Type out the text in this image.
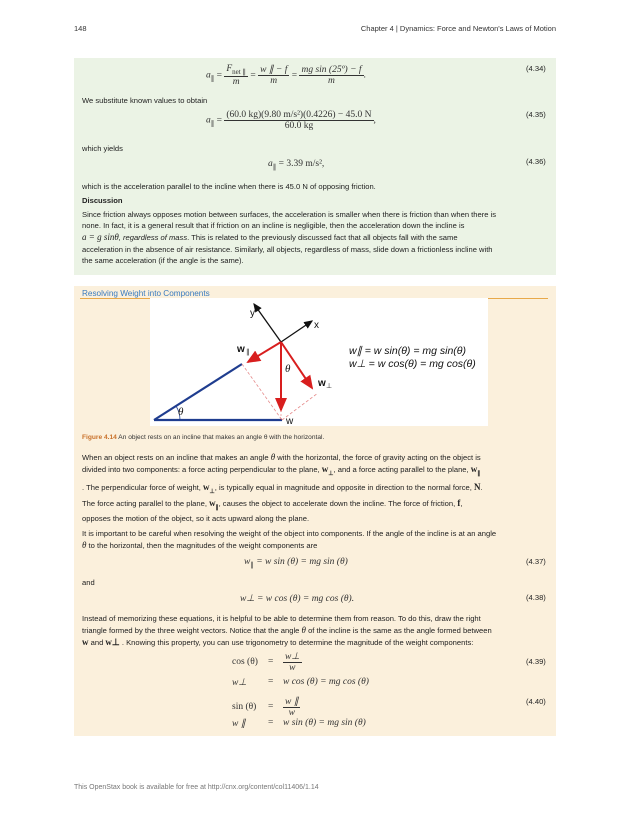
148	Chapter 4 | Dynamics: Force and Newton's Laws of Motion
$a_\parallel = \frac{F_{net \parallel}}{m} = \frac{w \parallel - f}{m} = \frac{\text{mg sin (25º) − f}}{m}$ .
(4.34)
We substitute known values to obtain
$a_\parallel = \frac{\text{(60.0 kg)(9.80 m/s²)(0.4226) − 45.0 N}}{60.0 kg}$ ,
(4.35)
which yields
$a_\parallel = 3.39$ m/s²,	(4.36)
which is the acceleration parallel to the incline when there is 45.0 N of opposing friction.
Discussion
Since friction always opposes motion between surfaces, the acceleration is smaller when there is friction than when there is
none. In fact, it is a general result that if friction on an incline is negligible, then the acceleration down the incline is
a = g sinθ, regardless of mass. This is related to the previously discussed fact that all objects fall with the same
acceleration in the absence of air resistance. Similarly, all objects, regardless of mass, slide down a frictionless incline with
the same acceleration (if the angle is the same).
Resolving Weight into Components
y
x
w ∥
w ⊥
w
θ
θ
w∥ = w sin(θ) = mg sin(θ)
w⊥ = w cos(θ) = mg cos(θ)
Figure 4.14 An object rests on an incline that makes an angle θ with the horizontal.
When an object rests on an incline that makes an angle θ with the horizontal, the force of gravity acting on the object is
divided into two components: a force acting perpendicular to the plane, $w_\perp$, and a force acting parallel to the plane, $w_\parallel$
. The perpendicular force of weight, $w_\perp$, is typically equal in magnitude and opposite in direction to the normal force, N.
The force acting parallel to the plane, $w_\parallel$, causes the object to accelerate down the incline. The force of friction, f,
opposes the motion of the object, so it acts upward along the plane.
It is important to be careful when resolving the weight of the object into components. If the angle of the incline is at an angle
θ to the horizontal, then the magnitudes of the weight components are
$w_\parallel = w$ sin (θ) = mg sin (θ)	(4.37)
and
w⊥ = w cos (θ) = mg cos (θ).	(4.38)
Instead of memorizing these equations, it is helpful to be able to determine them from reason. To do this, draw the right
triangle formed by the three weight vectors. Notice that the angle θ of the incline is the same as the angle formed between
w and w⊥ . Knowing this property, you can use trigonometry to determine the magnitude of the weight components:
$\cos (\theta) = \frac{w\perp}{w}$	(4.39)
w⊥ = w cos (θ) = mg cos (θ)
$\sin (\theta) = \frac{w \parallel}{w}$	(4.40)
w ∥ = w sin (θ) = mg sin (θ)
This OpenStax book is available for free at http://cnx.org/content/col11406/1.14
